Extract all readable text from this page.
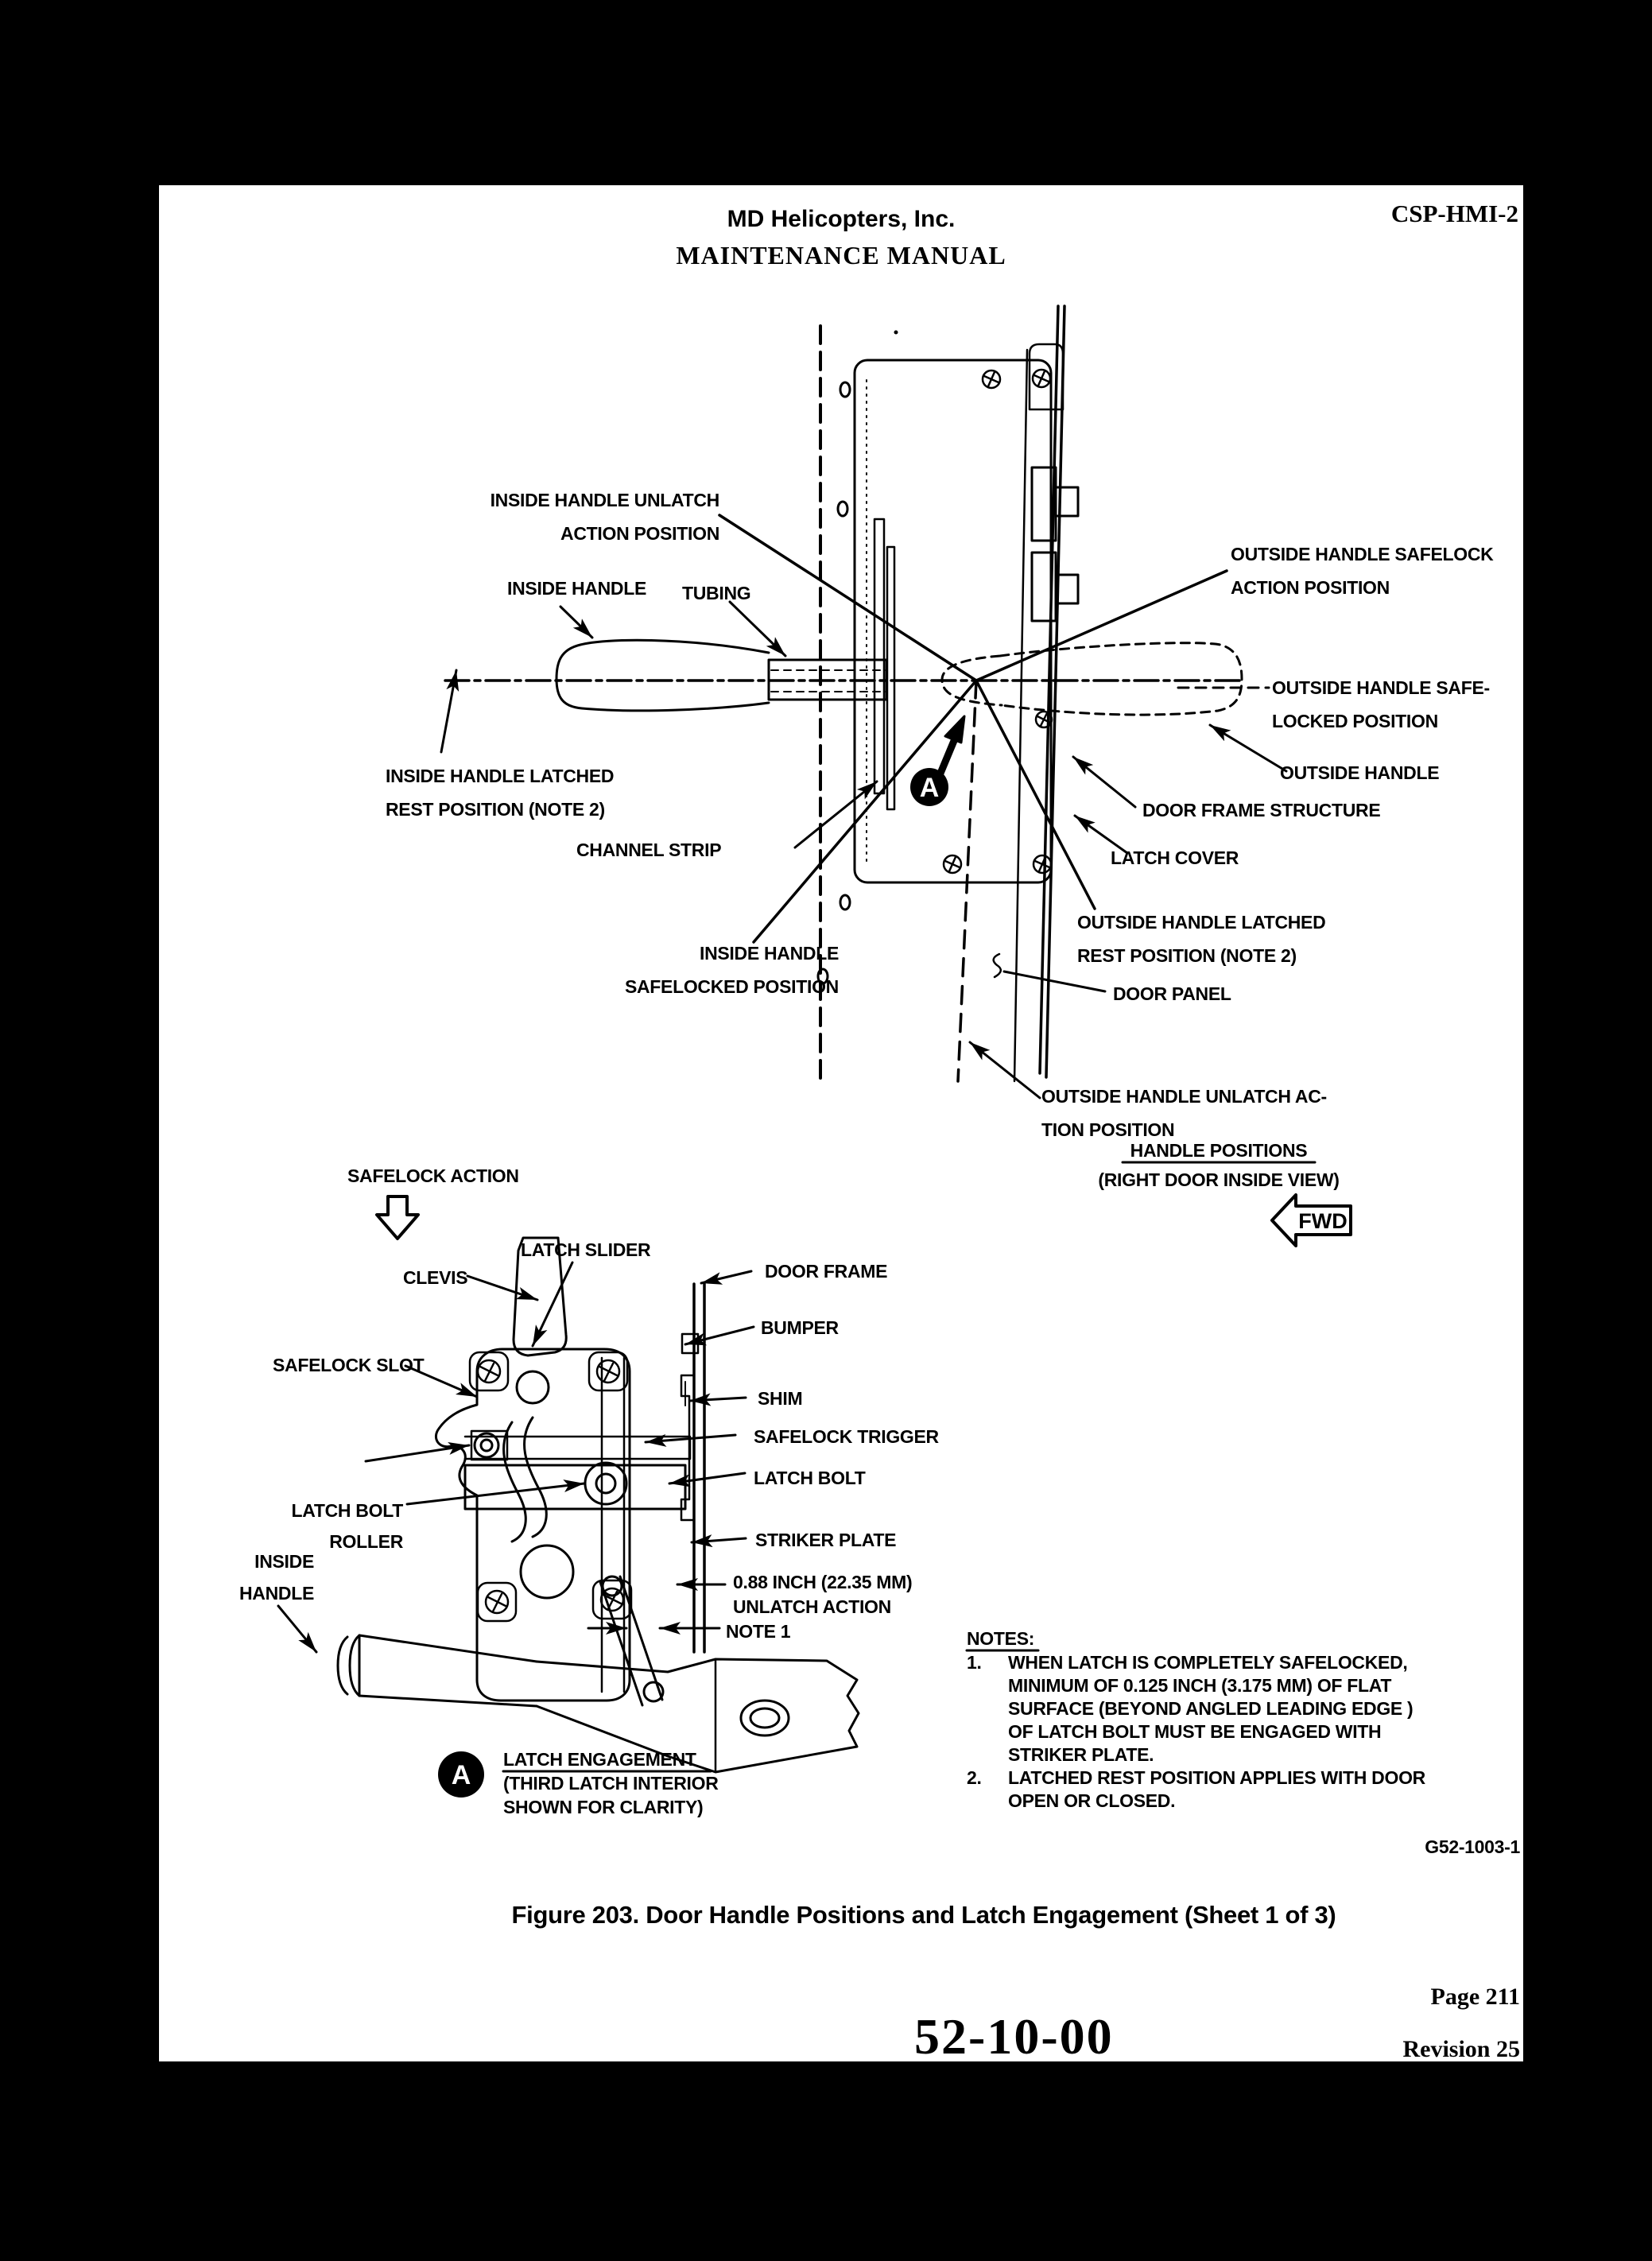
MD Helicopters, Inc.
MAINTENANCE MANUAL
CSP-HMI-2
INSIDE HANDLE UNLATCH
ACTION POSITION
INSIDE HANDLE TUBING
OUTSIDE HANDLE SAFELOCK
ACTION POSITION
OUTSIDE HANDLE SAFE-
LOCKED POSITION
INSIDE HANDLE LATCHED
REST POSITION (NOTE 2)
OUTSIDE HANDLE
DOOR FRAME STRUCTURE
CHANNEL STRIP	LATCH COVER
OUTSIDE HANDLE LATCHED
REST POSITION (NOTE 2)
INSIDE HANDLE
SAFELOCKED POSITION	DOOR PANEL
OUTSIDE HANDLE UNLATCH AC-
TION POSITION
HANDLE POSITIONS
(RIGHT DOOR INSIDE VIEW)
FWD
A
SAFELOCK ACTION
CLEVIS
LATCH SLIDER
DOOR FRAME
BUMPER
SAFELOCK SLOT
SHIM
SAFELOCK TRIGGER
LATCH BOLT
LATCH BOLT
ROLLER	STRIKER PLATE
INSIDE
HANDLE
0.88 INCH (22.35 MM)
UNLATCH ACTION
NOTE 1
A
LATCH ENGAGEMENT
(THIRD LATCH INTERIOR
SHOWN FOR CLARITY)
NOTES:
1. WHEN LATCH IS COMPLETELY SAFELOCKED,
MINIMUM OF 0.125 INCH (3.175 MM) OF FLAT
SURFACE (BEYOND ANGLED LEADING EDGE )
OF LATCH BOLT MUST BE ENGAGED WITH
STRIKER PLATE.
2. LATCHED REST POSITION APPLIES WITH DOOR
OPEN OR CLOSED.
G52-1003-1
Figure 203. Door Handle Positions and Latch Engagement (Sheet 1 of 3)
52-10-00
Page 211
Revision 25
